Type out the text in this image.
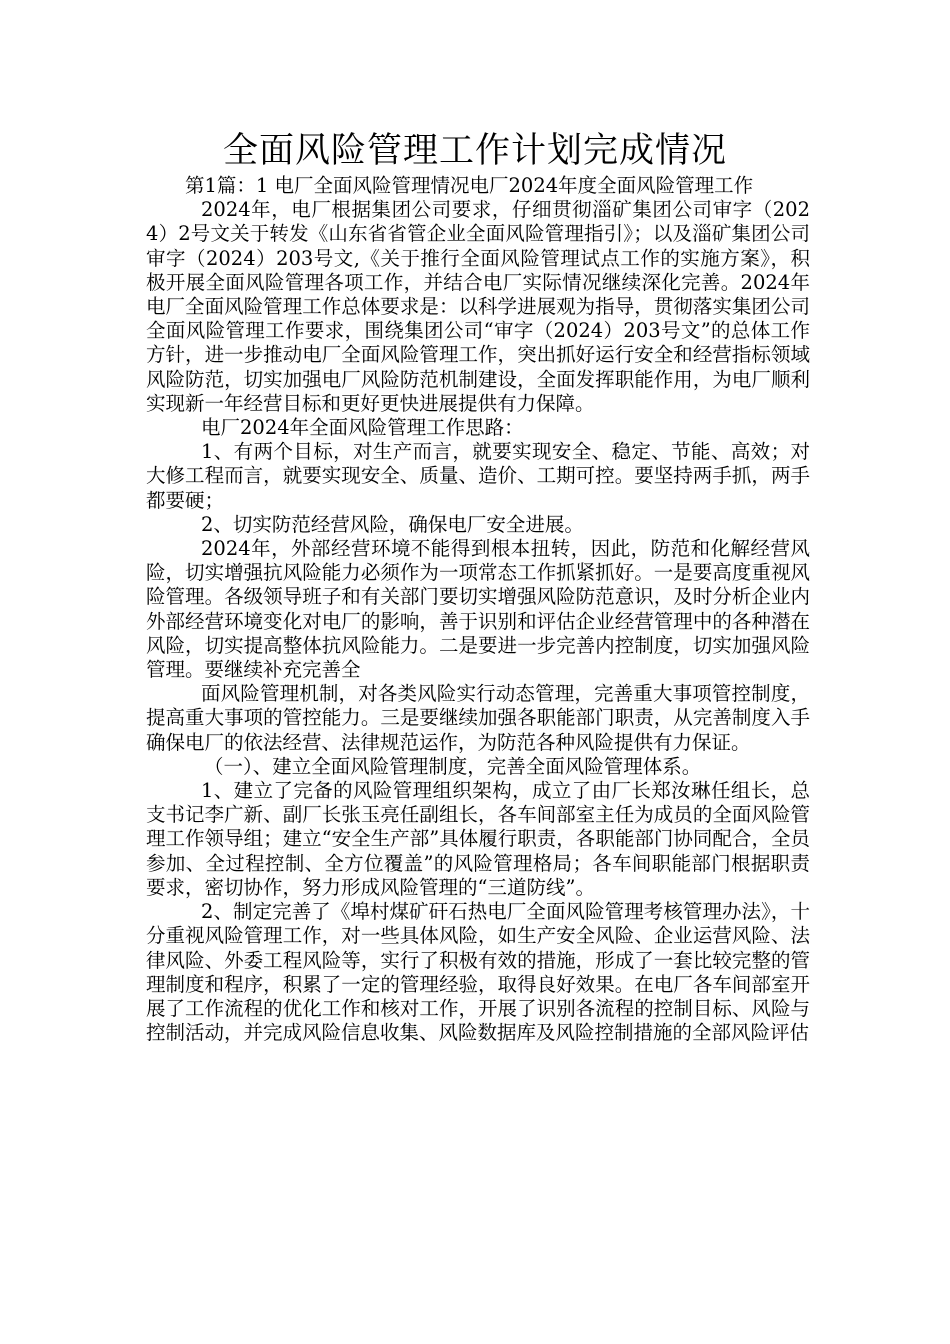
全面风险管理工作计划完成情况

第1篇：1 电厂全面风险管理情况电厂2024年度全面风险管理工作

2024年，电厂根据集团公司要求，仔细贯彻淄矿集团公司审字（2024）2号文关于转发《山东省省管企业全面风险管理指引》；以及淄矿集团公司审字（2024）203号文,《关于推行全面风险管理试点工作的实施方案》，积极开展全面风险管理各项工作，并结合电厂实际情况继续深化完善。2024年电厂全面风险管理工作总体要求是：以科学进展观为指导，贯彻落实集团公司全面风险管理工作要求，围绕集团公司“审字（2024）203号文”的总体工作方针，进一步推动电厂全面风险管理工作，突出抓好运行安全和经营指标领域风险防范，切实加强电厂风险防范机制建设，全面发挥职能作用，为电厂顺利实现新一年经营目标和更好更快进展提供有力保障。

电厂2024年全面风险管理工作思路：

1、有两个目标，对生产而言，就要实现安全、稳定、节能、高效；对大修工程而言，就要实现安全、质量、造价、工期可控。要坚持两手抓，两手都要硬；

2、切实防范经营风险，确保电厂安全进展。

2024年，外部经营环境不能得到根本扭转，因此，防范和化解经营风险，切实增强抗风险能力必须作为一项常态工作抓紧抓好。一是要高度重视风险管理。各级领导班子和有关部门要切实增强风险防范意识，及时分析企业内外部经营环境变化对电厂的影响，善于识别和评估企业经营管理中的各种潜在风险，切实提高整体抗风险能力。二是要进一步完善内控制度，切实加强风险管理。要继续补充完善全

面风险管理机制，对各类风险实行动态管理，完善重大事项管控制度，提高重大事项的管控能力。三是要继续加强各职能部门职责，从完善制度入手确保电厂的依法经营、法律规范运作，为防范各种风险提供有力保证。

（一）、建立全面风险管理制度，完善全面风险管理体系。

1、建立了完备的风险管理组织架构，成立了由厂长郑汝琳任组长，总支书记李广新、副厂长张玉亮任副组长，各车间部室主任为成员的全面风险管理工作领导组；建立“安全生产部”具体履行职责，各职能部门协同配合，全员参加、全过程控制、全方位覆盖”的风险管理格局；各车间职能部门根据职责要求，密切协作，努力形成风险管理的“三道防线”。

2、制定完善了《埠村煤矿矸石热电厂全面风险管理考核管理办法》，十分重视风险管理工作，对一些具体风险，如生产安全风险、企业运营风险、法律风险、外委工程风险等，实行了积极有效的措施，形成了一套比较完整的管理制度和程序，积累了一定的管理经验，取得良好效果。在电厂各车间部室开展了工作流程的优化工作和核对工作，开展了识别各流程的控制目标、风险与控制活动，并完成风险信息收集、风险数据库及风险控制措施的全部风险评估
